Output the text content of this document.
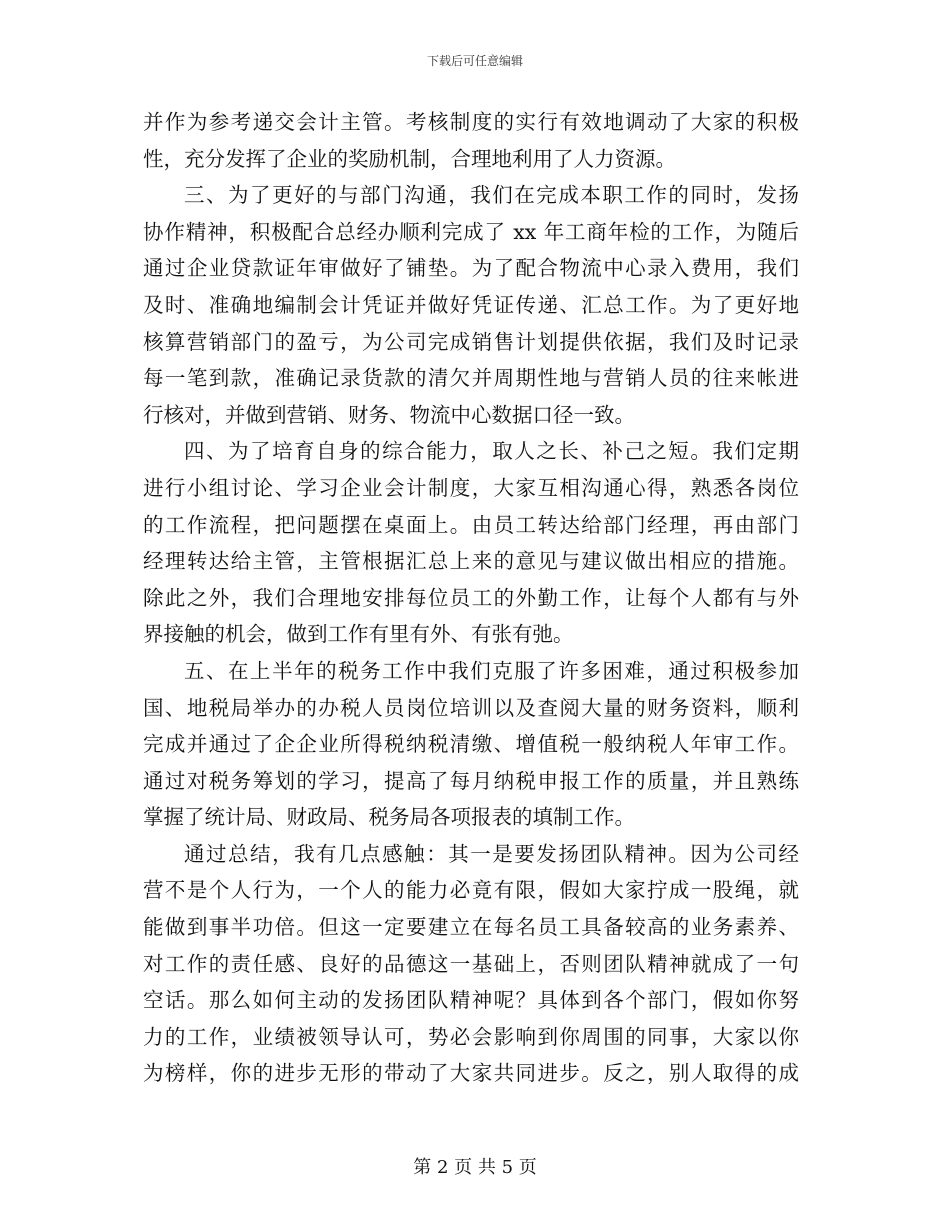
下载后可任意编辑
并作为参考递交会计主管。考核制度的实行有效地调动了大家的积极
性，充分发挥了企业的奖励机制，合理地利用了人力资源。
三、为了更好的与部门沟通，我们在完成本职工作的同时，发扬
协作精神，积极配合总经办顺利完成了 xx 年工商年检的工作，为随后
通过企业贷款证年审做好了铺垫。为了配合物流中心录入费用，我们
及时、准确地编制会计凭证并做好凭证传递、汇总工作。为了更好地
核算营销部门的盈亏，为公司完成销售计划提供依据，我们及时记录
每一笔到款，准确记录货款的清欠并周期性地与营销人员的往来帐进
行核对，并做到营销、财务、物流中心数据口径一致。
四、为了培育自身的综合能力，取人之长、补己之短。我们定期
进行小组讨论、学习企业会计制度，大家互相沟通心得，熟悉各岗位
的工作流程，把问题摆在桌面上。由员工转达给部门经理，再由部门
经理转达给主管，主管根据汇总上来的意见与建议做出相应的措施。
除此之外，我们合理地安排每位员工的外勤工作，让每个人都有与外
界接触的机会，做到工作有里有外、有张有弛。
五、在上半年的税务工作中我们克服了许多困难，通过积极参加
国、地税局举办的办税人员岗位培训以及查阅大量的财务资料，顺利
完成并通过了企企业所得税纳税清缴、增值税一般纳税人年审工作。
通过对税务筹划的学习，提高了每月纳税申报工作的质量，并且熟练
掌握了统计局、财政局、税务局各项报表的填制工作。
通过总结，我有几点感触：其一是要发扬团队精神。因为公司经
营不是个人行为，一个人的能力必竟有限，假如大家拧成一股绳，就
能做到事半功倍。但这一定要建立在每名员工具备较高的业务素养、
对工作的责任感、良好的品德这一基础上，否则团队精神就成了一句
空话。那么如何主动的发扬团队精神呢？具体到各个部门，假如你努
力的工作，业绩被领导认可，势必会影响到你周围的同事，大家以你
为榜样，你的进步无形的带动了大家共同进步。反之，别人取得的成
第 2 页 共 5 页
